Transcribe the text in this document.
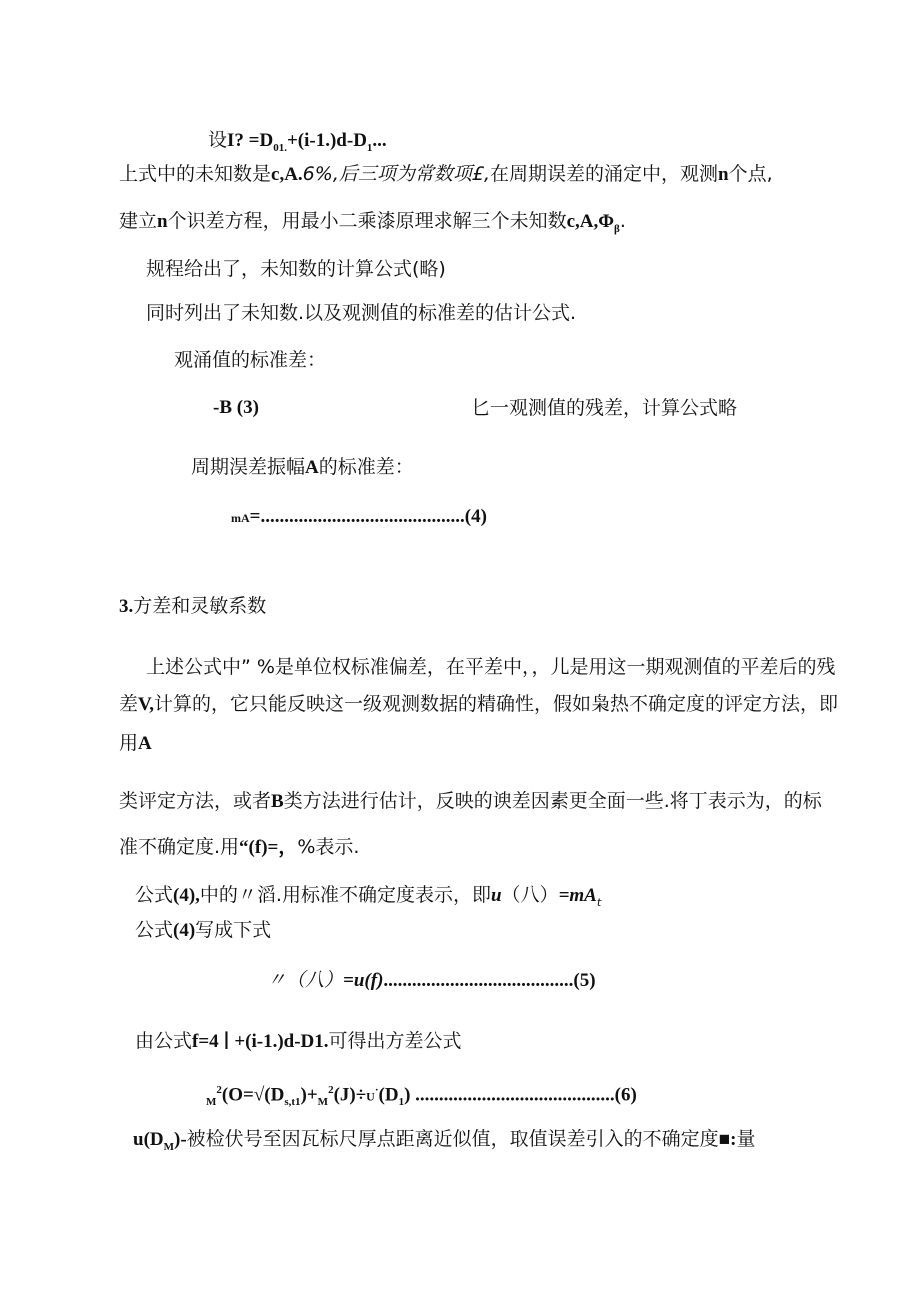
设I? $=D_{01.}+(i-1.)d-D_1$...
上式中的未知数是c,A.6%,后三项为常数项£,在周期误差的涌定中，观测n个点,
建立n个识差方程，用最小二乘漆原理求解三个未知数$c,A,\Phi_\beta$.
规程给出了，未知数的计算公式(略)
同时列出了未知数.以及观测值的标准差的估计公式.
观涌值的标准差：
-B (3)	匕一观测值的残差，计算公式略
周期淏差振幅A的标准差：
mA=...........................................(4)
3.方差和灵敏系数
上述公式中” %是单位权标准偏差，在平差中，，儿是用这一期观测值的平差后的残
差V,计算的，它只能反映这一级观测数据的精确性，假如枭热不确定度的评定方法，即
用A
类评定方法，或者B类方法进行估计，反映的谀差因素更全面一些.将丁表示为，的标
准不确定度.用“(f)=，%表示.
公式(4),中的〃滔.用标准不确定度表示，即u（八）$=mA_t$
公式(4)写成下式
〃（八）=u(f)........................................(5)
由公式f=4 ∣ +(i-1.)d-D1.可得出方差公式
$_M^2(O=√(D_{s,t1})+_M^2(J)\div U^\cdot(D_1)$ ..........................................(6)
$u(D_M)-$被检伏号至因瓦标尺厚点距离近似值，取值误差引入的不确定度■:量
